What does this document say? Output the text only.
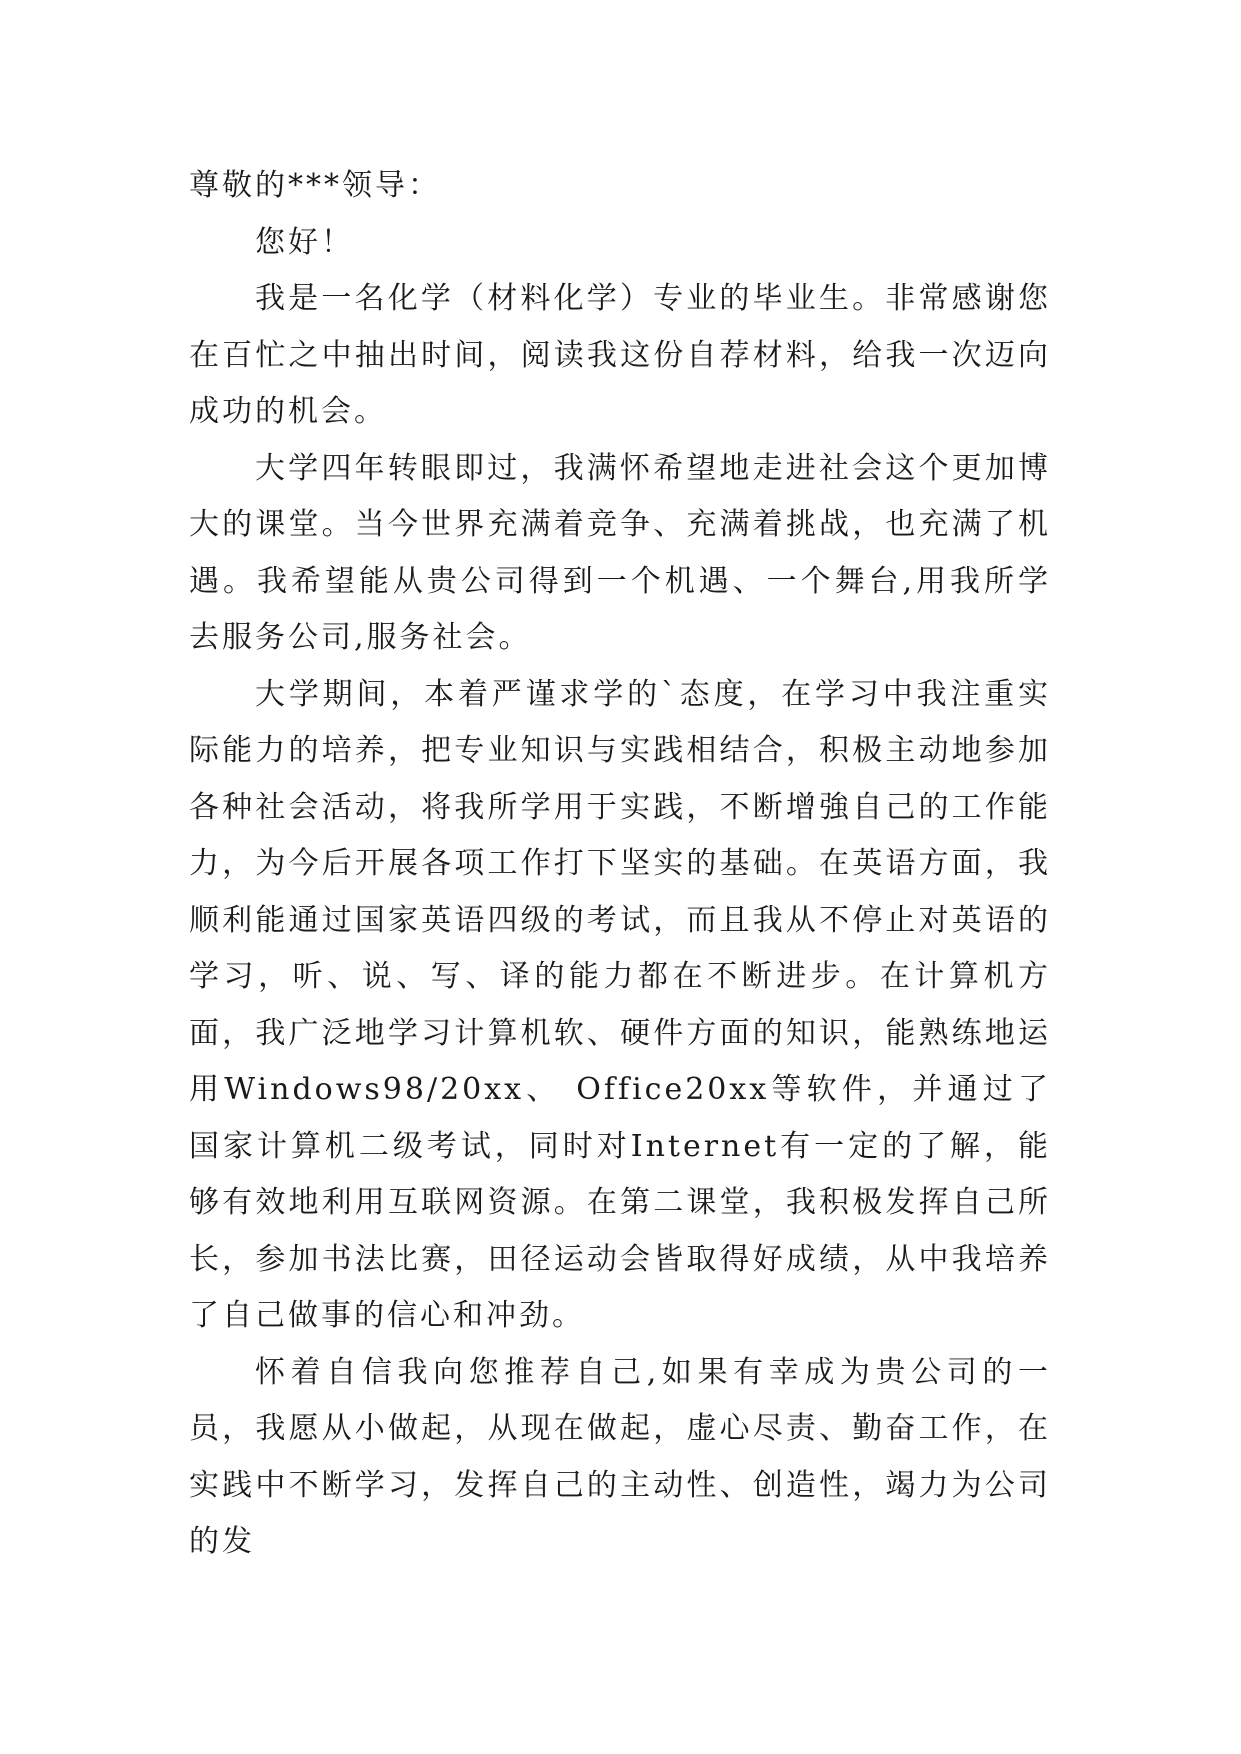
尊敬的***领导：

您好！

我是一名化学（材料化学）专业的毕业生。非常感谢您在百忙之中抽出时间，阅读我这份自荐材料，给我一次迈向成功的机会。

大学四年转眼即过，我满怀希望地走进社会这个更加博大的课堂。当今世界充满着竞争、充满着挑战，也充满了机遇。我希望能从贵公司得到一个机遇、一个舞台,用我所学去服务公司,服务社会。

大学期间，本着严谨求学的`态度，在学习中我注重实际能力的培养，把专业知识与实践相结合，积极主动地参加各种社会活动，将我所学用于实践，不断增強自己的工作能力，为今后开展各项工作打下坚实的基础。在英语方面，我顺利能通过国家英语四级的考试，而且我从不停止对英语的学习，听、说、写、译的能力都在不断进步。在计算机方面，我广泛地学习计算机软、硬件方面的知识，能熟练地运用Windows98/20xx、 Office20xx等软件，并通过了国家计算机二级考试，同时对Internet有一定的了解，能够有效地利用互联网资源。在第二课堂，我积极发挥自己所长，参加书法比赛，田径运动会皆取得好成绩，从中我培养了自己做事的信心和冲劲。

怀着自信我向您推荐自己,如果有幸成为贵公司的一员，我愿从小做起，从现在做起，虚心尽责、勤奋工作，在实践中不断学习，发挥自己的主动性、创造性，竭力为公司的发
